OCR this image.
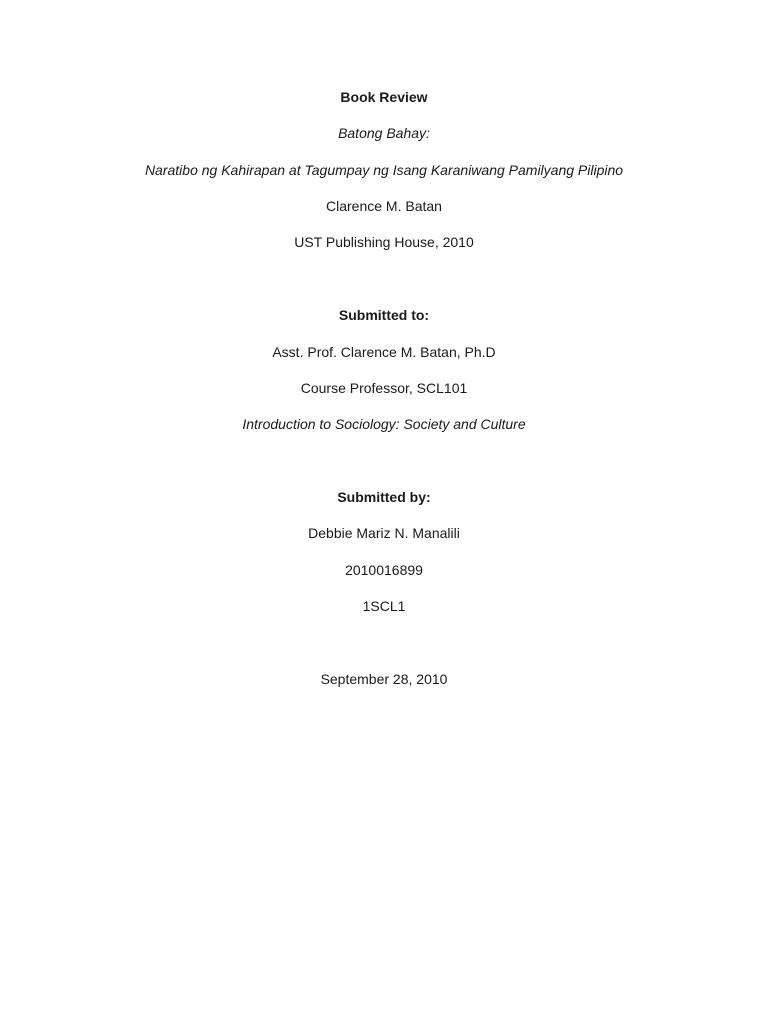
Book Review
Batong Bahay:
Naratibo ng Kahirapan at Tagumpay ng Isang Karaniwang Pamilyang Pilipino
Clarence M. Batan
UST Publishing House, 2010
Submitted to:
Asst. Prof. Clarence M. Batan, Ph.D
Course Professor, SCL101
Introduction to Sociology: Society and Culture
Submitted by:
Debbie Mariz N. Manalili
2010016899
1SCL1
September 28, 2010
